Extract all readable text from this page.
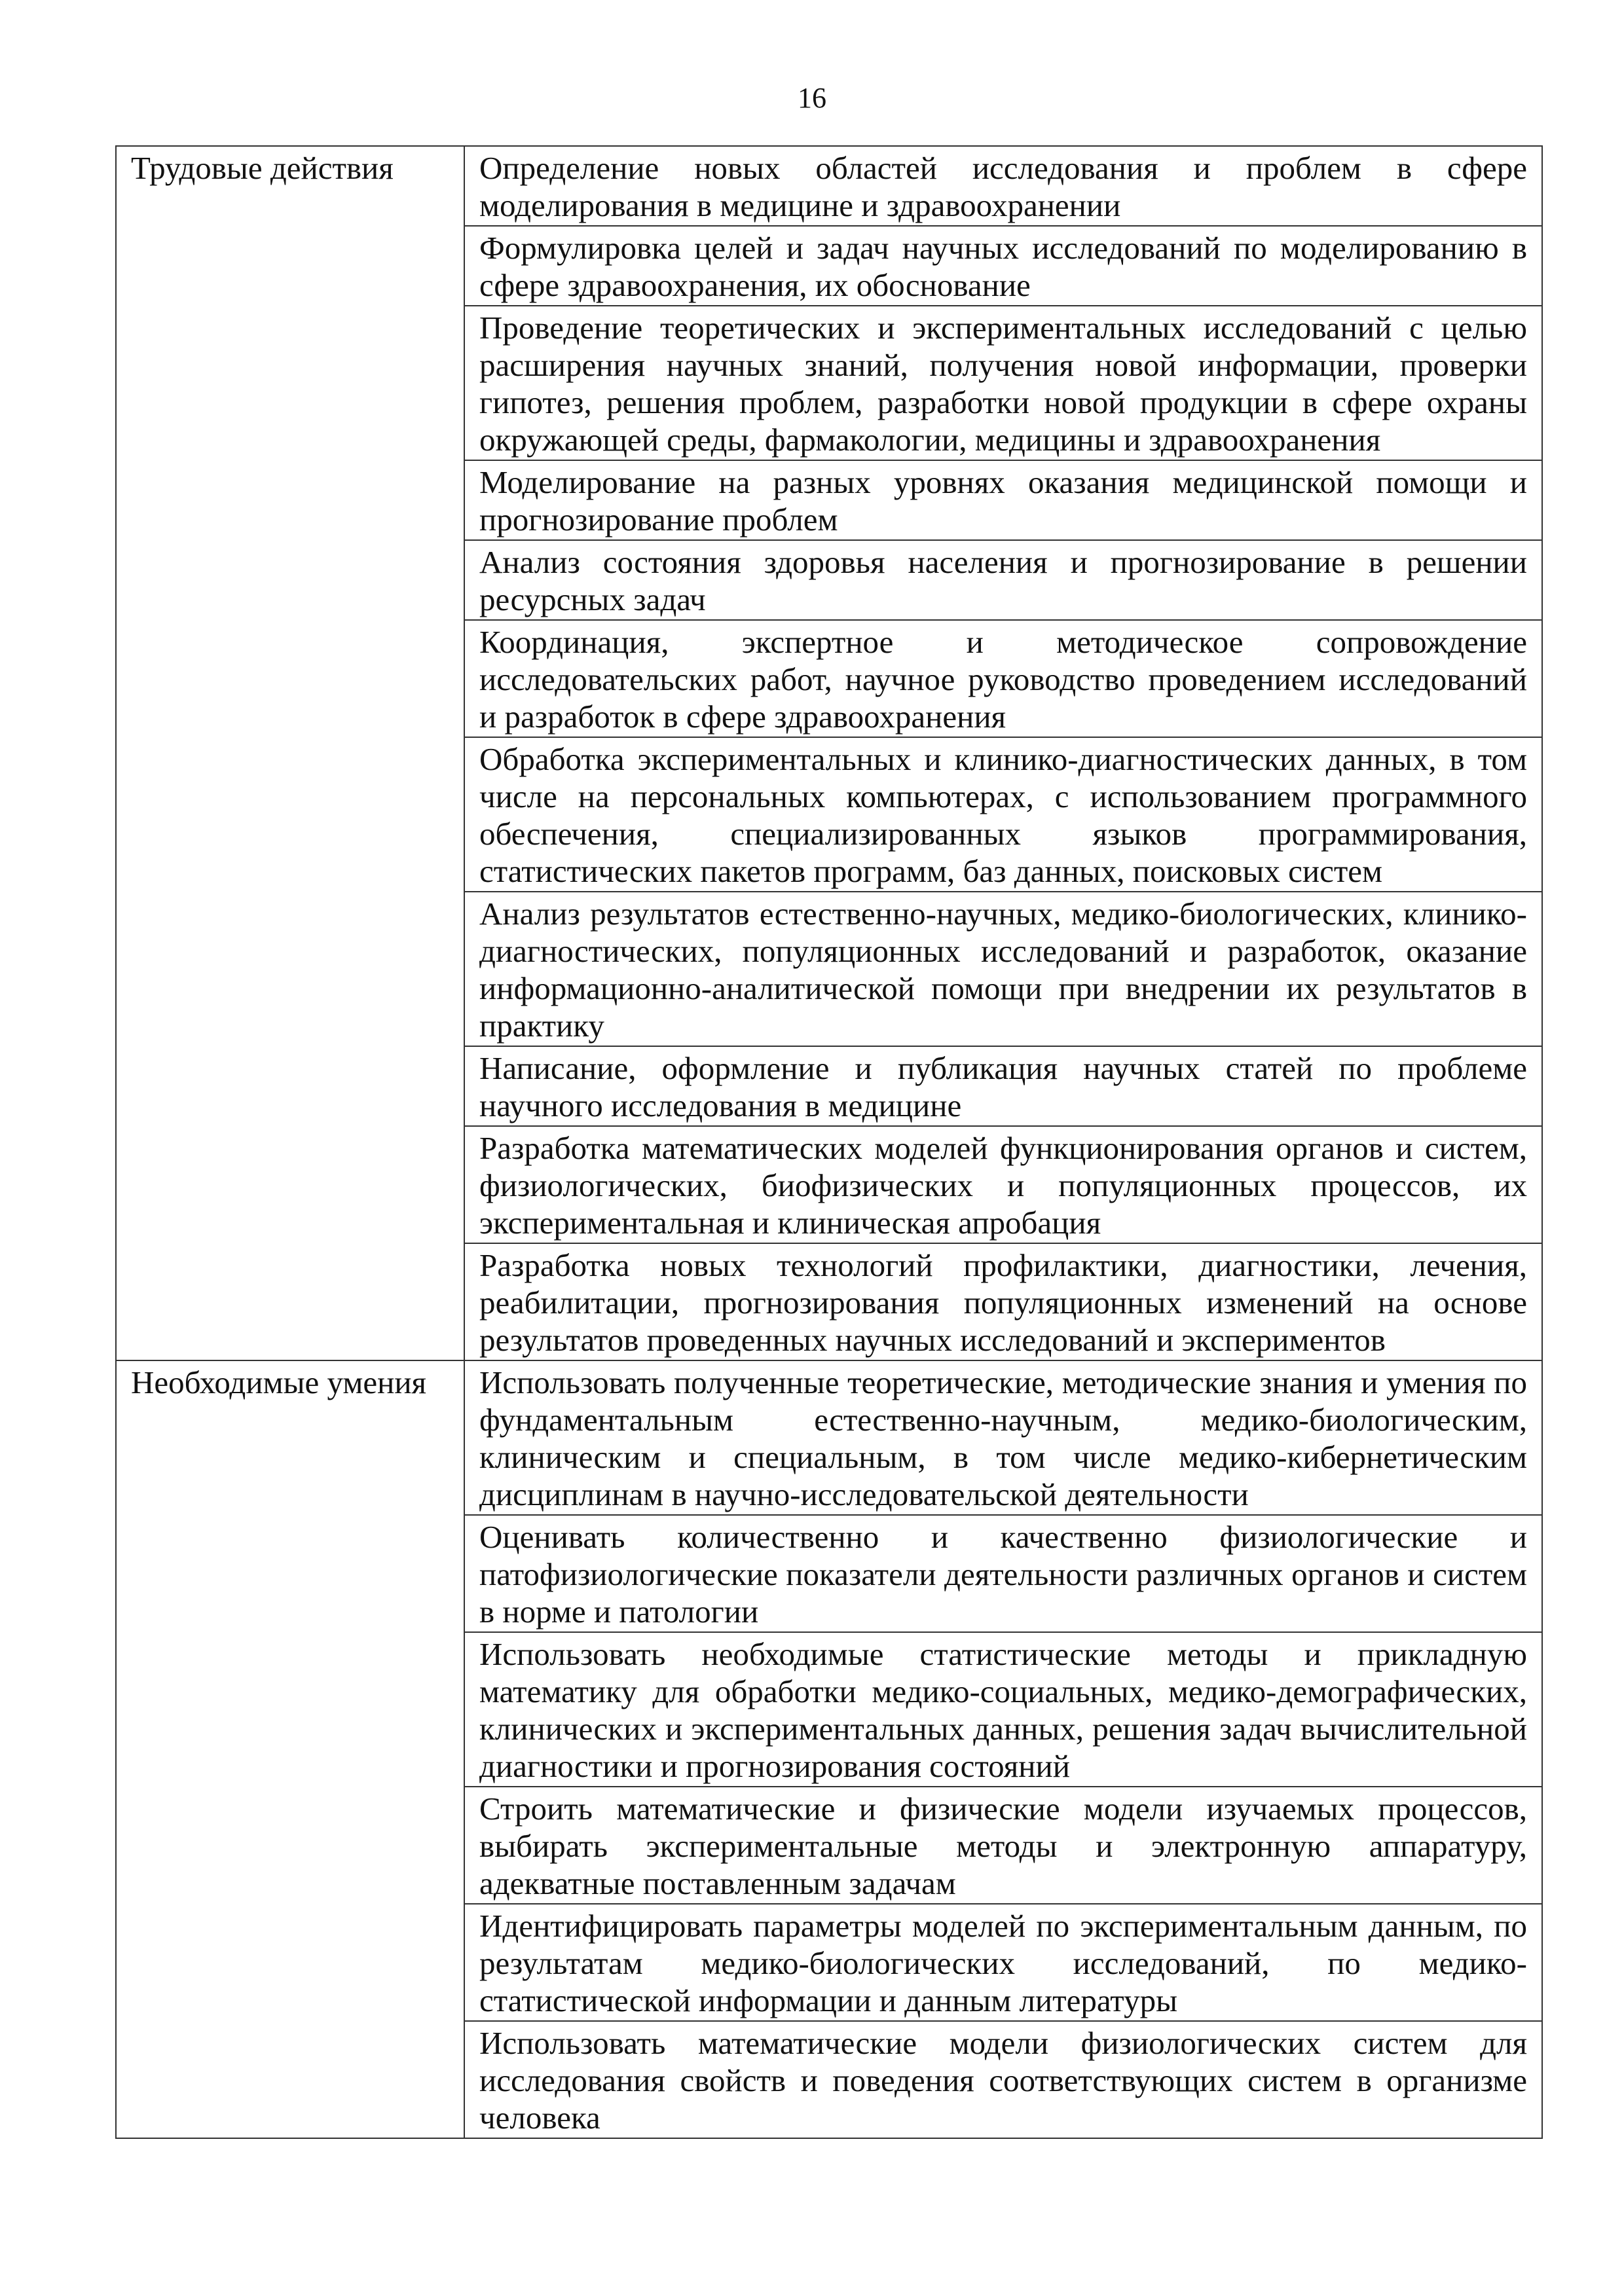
16
Трудовые действия	Определение новых областей исследования и проблем в сфере моделирования в медицине и здравоохранении
	Формулировка целей и задач научных исследований по моделированию в сфере здравоохранения, их обоснование
	Проведение теоретических и экспериментальных исследований с целью расширения научных знаний, получения новой информации, проверки гипотез, решения проблем, разработки новой продукции в сфере охраны окружающей среды, фармакологии, медицины и здравоохранения
	Моделирование на разных уровнях оказания медицинской помощи и прогнозирование проблем
	Анализ состояния здоровья населения и прогнозирование в решении ресурсных задач
	Координация, экспертное и методическое сопровождение исследовательских работ, научное руководство проведением исследований и разработок в сфере здравоохранения
	Обработка экспериментальных и клинико-диагностических данных, в том числе на персональных компьютерах, с использованием программного обеспечения, специализированных языков программирования, статистических пакетов программ, баз данных, поисковых систем
	Анализ результатов естественно-научных, медико-биологических, клинико-диагностических, популяционных исследований и разработок, оказание информационно-аналитической помощи при внедрении их результатов в практику
	Написание, оформление и публикация научных статей по проблеме научного исследования в медицине
	Разработка математических моделей функционирования органов и систем, физиологических, биофизических и популяционных процессов, их экспериментальная и клиническая апробация
	Разработка новых технологий профилактики, диагностики, лечения, реабилитации, прогнозирования популяционных изменений на основе результатов проведенных научных исследований и экспериментов
Необходимые умения	Использовать полученные теоретические, методические знания и умения по фундаментальным естественно-научным, медико-биологическим, клиническим и специальным, в том числе медико-кибернетическим дисциплинам в научно-исследовательской деятельности
	Оценивать количественно и качественно физиологические и патофизиологические показатели деятельности различных органов и систем в норме и патологии
	Использовать необходимые статистические методы и прикладную математику для обработки медико-социальных, медико-демографических, клинических и экспериментальных данных, решения задач вычислительной диагностики и прогнозирования состояний
	Строить математические и физические модели изучаемых процессов, выбирать экспериментальные методы и электронную аппаратуру, адекватные поставленным задачам
	Идентифицировать параметры моделей по экспериментальным данным, по результатам медико-биологических исследований, по медико-статистической информации и данным литературы
	Использовать математические модели физиологических систем для исследования свойств и поведения соответствующих систем в организме человека
